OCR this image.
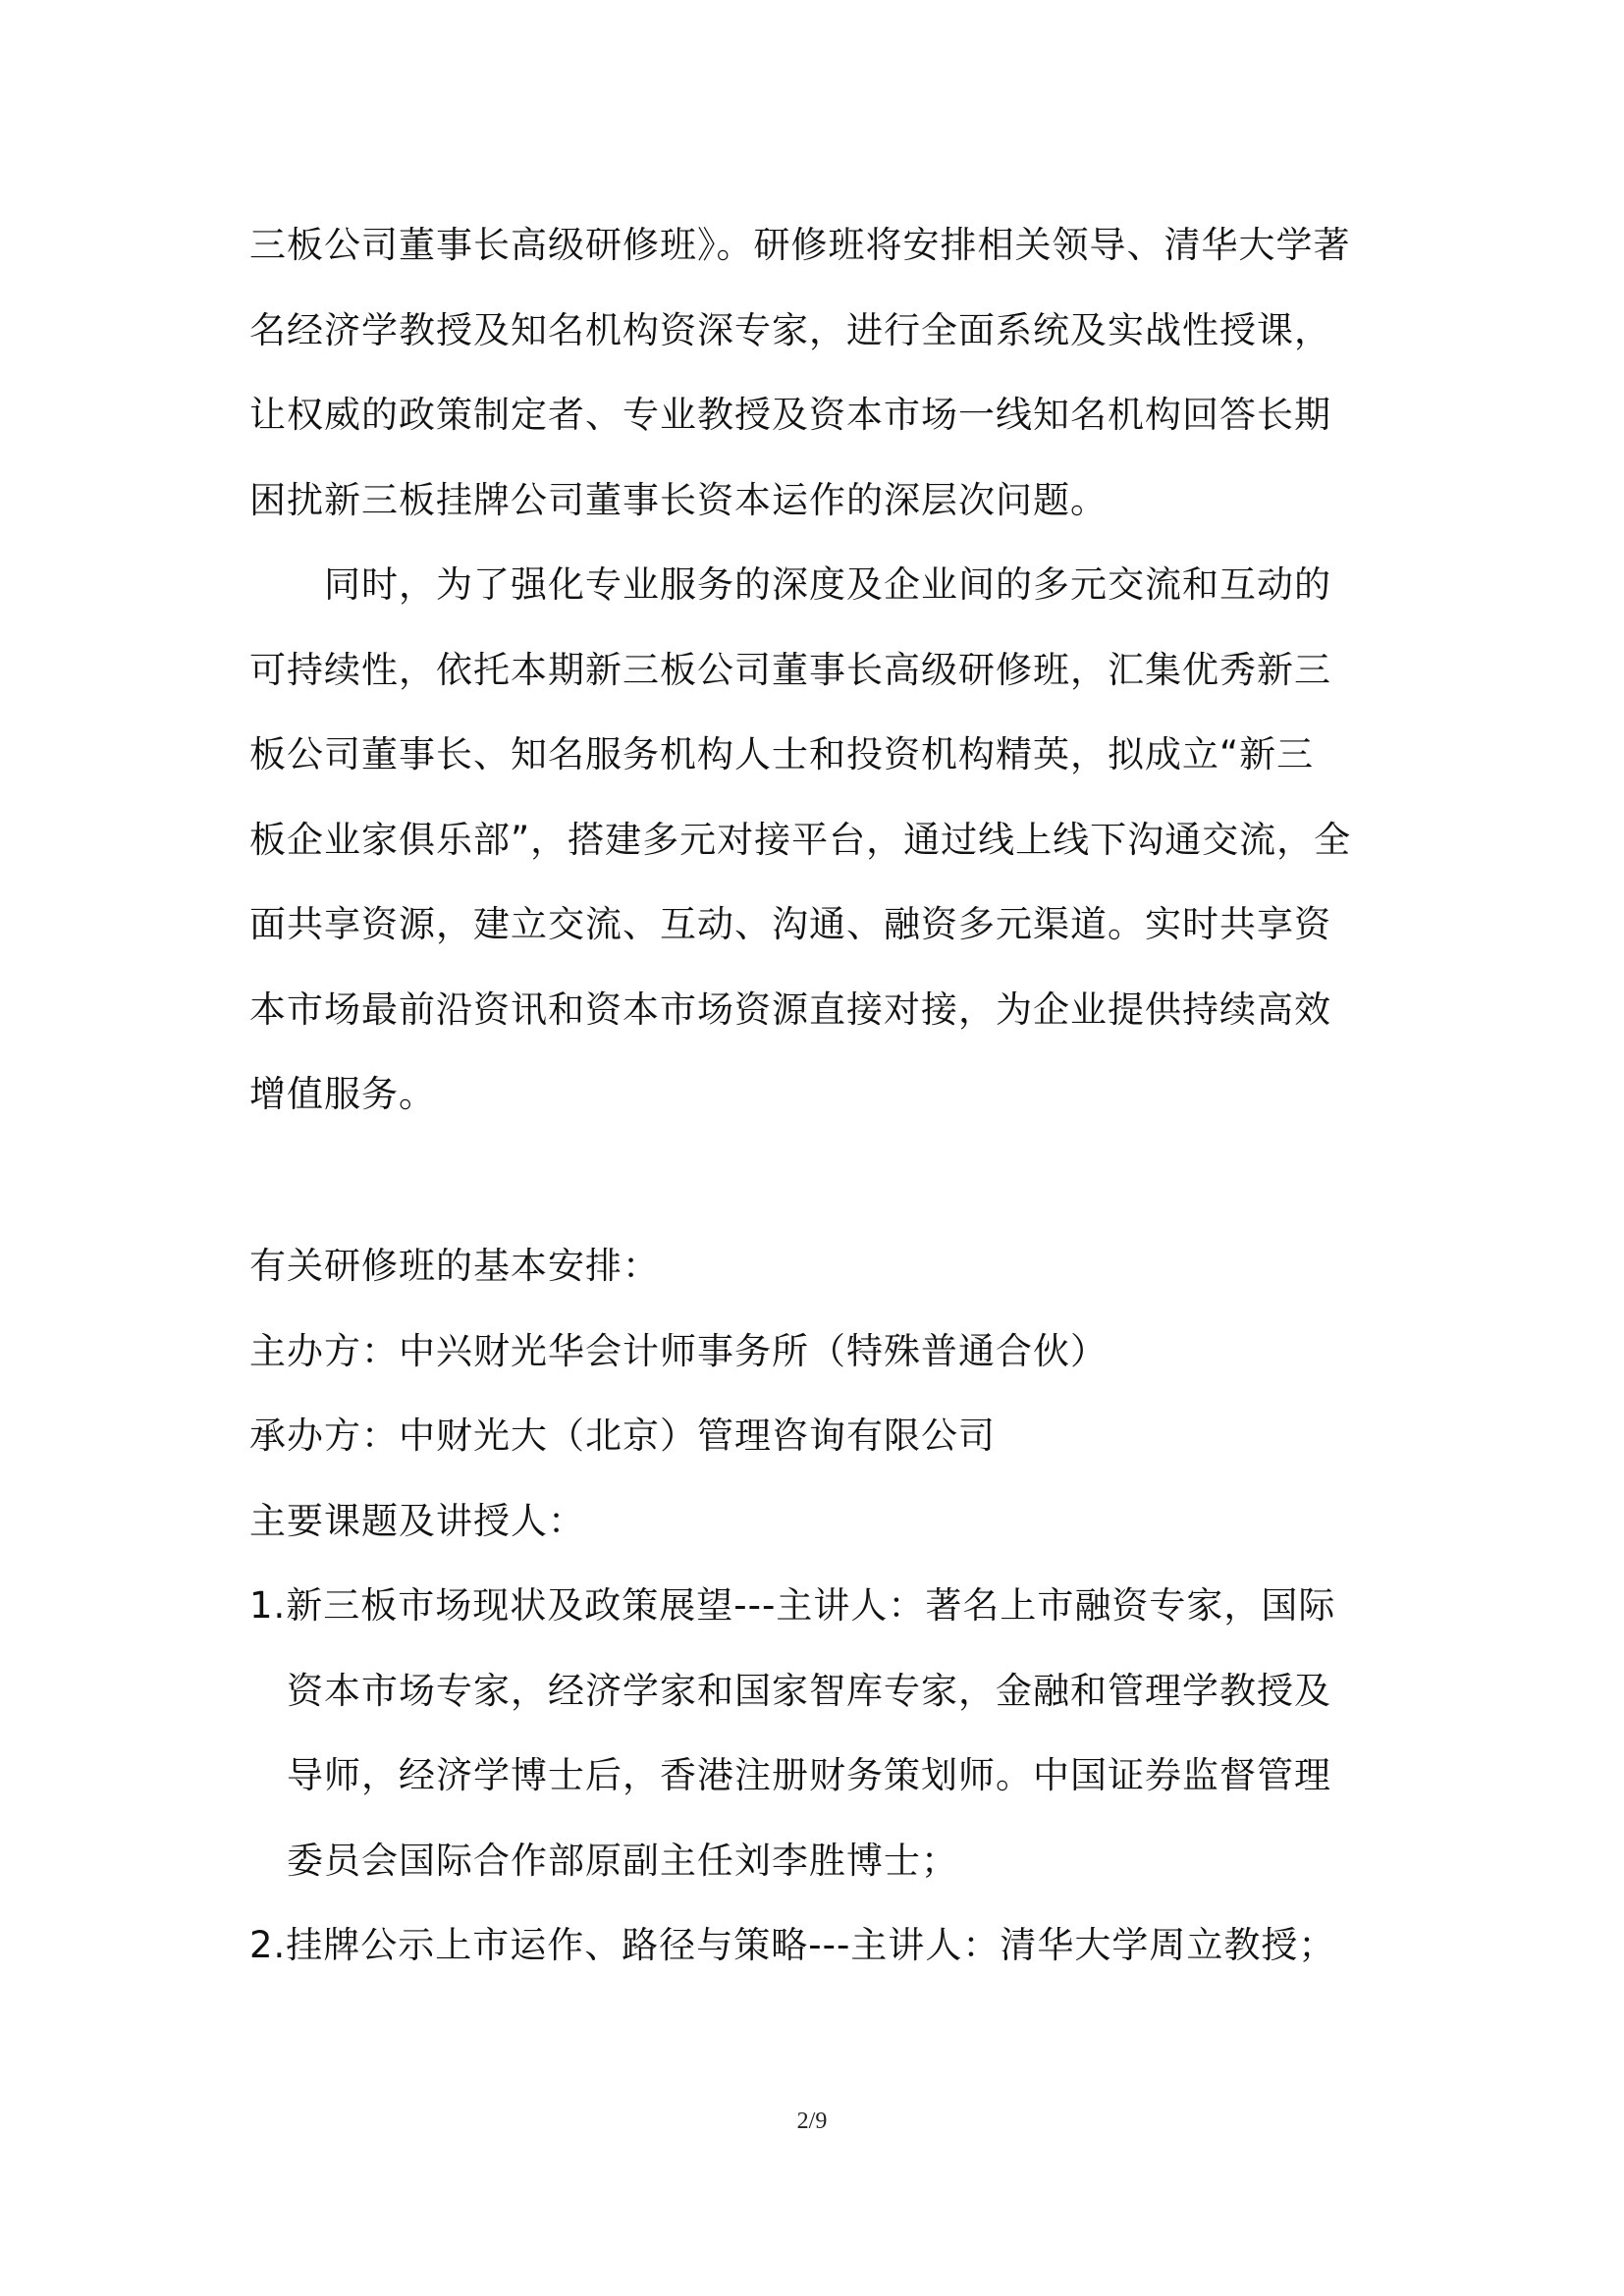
三板公司董事长高级研修班》。研修班将安排相关领导、清华大学著
名经济学教授及知名机构资深专家，进行全面系统及实战性授课，
让权威的政策制定者、专业教授及资本市场一线知名机构回答长期
困扰新三板挂牌公司董事长资本运作的深层次问题。
　　同时，为了强化专业服务的深度及企业间的多元交流和互动的
可持续性，依托本期新三板公司董事长高级研修班，汇集优秀新三
板公司董事长、知名服务机构人士和投资机构精英，拟成立“新三
板企业家俱乐部”，搭建多元对接平台，通过线上线下沟通交流，全
面共享资源，建立交流、互动、沟通、融资多元渠道。实时共享资
本市场最前沿资讯和资本市场资源直接对接，为企业提供持续高效
增值服务。
有关研修班的基本安排：
主办方：中兴财光华会计师事务所（特殊普通合伙）
承办方：中财光大（北京）管理咨询有限公司
主要课题及讲授人：
1.新三板市场现状及政策展望---主讲人：著名上市融资专家，国际
资本市场专家，经济学家和国家智库专家，金融和管理学教授及
导师，经济学博士后，香港注册财务策划师。中国证券监督管理
委员会国际合作部原副主任刘李胜博士；
2.挂牌公示上市运作、路径与策略---主讲人：清华大学周立教授；
2/9
